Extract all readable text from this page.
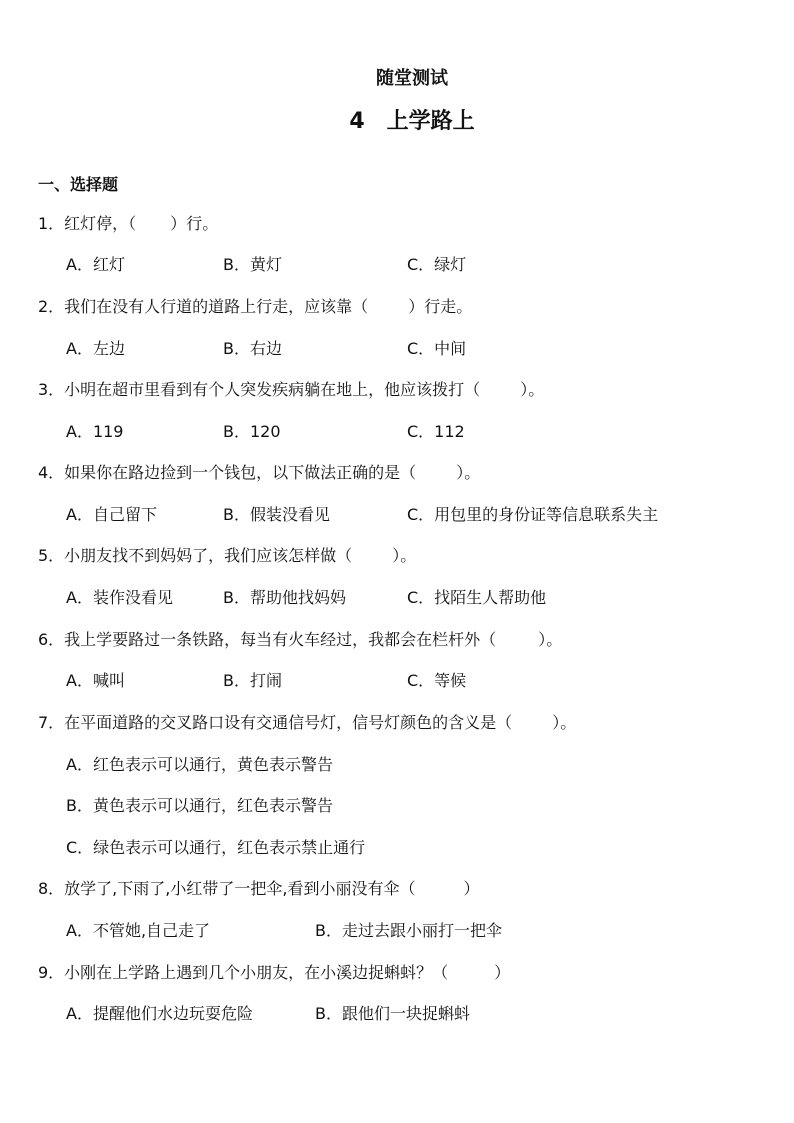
随堂测试
4 上学路上
一、选择题
1．红灯停，（ ）行。
A．红灯	B．黄灯	C．绿灯
2．我们在没有人行道的道路上行走，应该靠（	）行走。
A．左边	B．右边	C．中间
3．小明在超市里看到有个人突发疾病躺在地上，他应该拨打（	）。
A．119	B．120	C．112
4．如果你在路边捡到一个钱包，以下做法正确的是（	）。
A．自己留下	B．假装没看见	C．用包里的身份证等信息联系失主
5．小朋友找不到妈妈了，我们应该怎样做（	）。
A．装作没看见	B．帮助他找妈妈	C．找陌生人帮助他
6．我上学要路过一条铁路，每当有火车经过，我都会在栏杆外（	）。
A．喊叫	B．打闹	C．等候
7．在平面道路的交叉路口设有交通信号灯，信号灯颜色的含义是（	）。
A．红色表示可以通行，黄色表示警告
B．黄色表示可以通行，红色表示警告
C．绿色表示可以通行，红色表示禁止通行
8．放学了,下雨了,小红带了一把伞,看到小丽没有伞（	）
A．不管她,自己走了	B．走过去跟小丽打一把伞
9．小刚在上学路上遇到几个小朋友，在小溪边捉蝌蚪？（	）
A．提醒他们水边玩耍危险	B．跟他们一块捉蝌蚪
